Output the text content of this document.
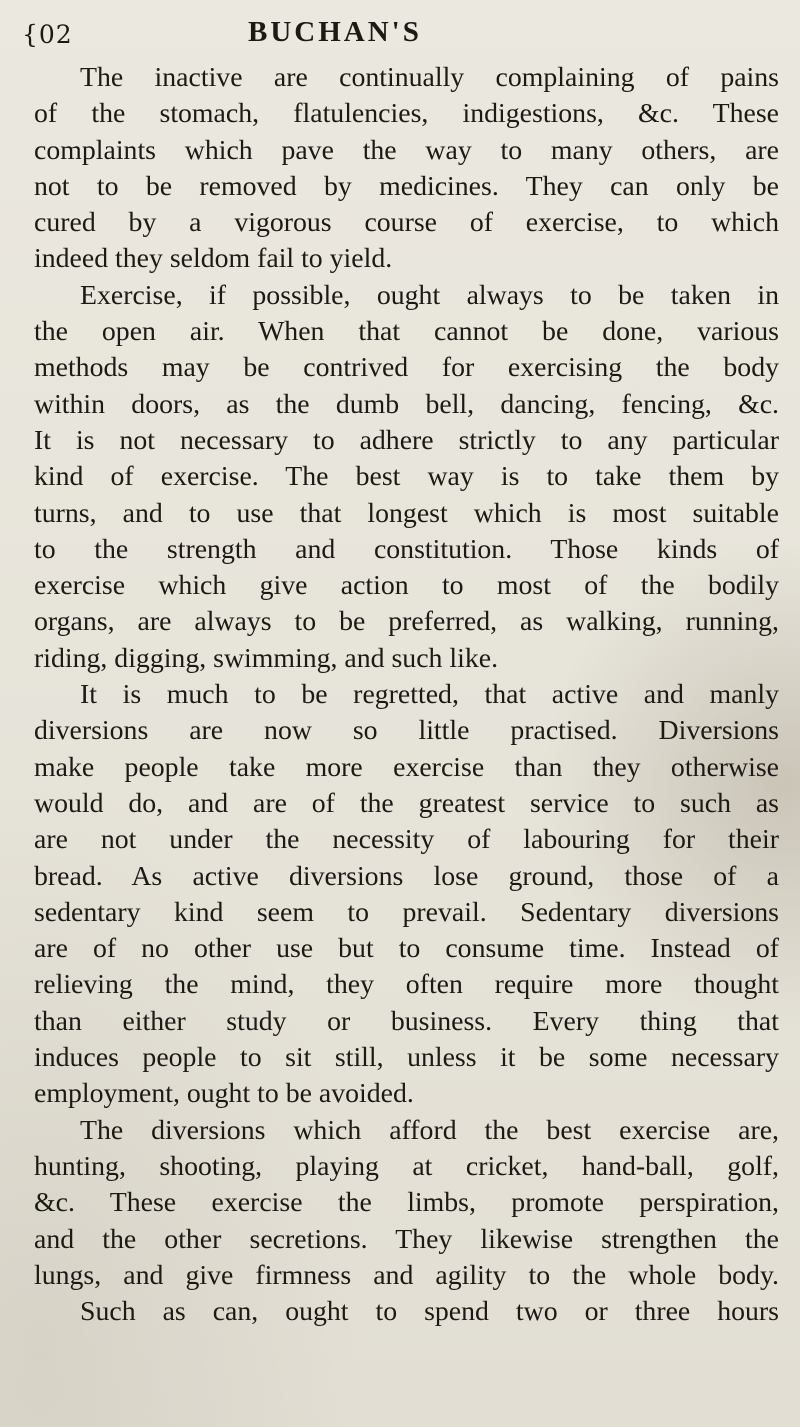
{02	BUCHAN'S
The inactive are continually complaining of pains
of the stomach, flatulencies, indigestions, &c. These
complaints which pave the way to many others, are
not to be removed by medicines. They can only be
cured by a vigorous course of exercise, to which
indeed they seldom fail to yield.
Exercise, if possible, ought always to be taken in
the open air. When that cannot be done, various
methods may be contrived for exercising the body
within doors, as the dumb bell, dancing, fencing, &c.
It is not necessary to adhere strictly to any particular
kind of exercise. The best way is to take them by
turns, and to use that longest which is most suitable
to the strength and constitution. Those kinds of
exercise which give action to most of the bodily
organs, are always to be preferred, as walking, running,
riding, digging, swimming, and such like.
It is much to be regretted, that active and manly
diversions are now so little practised. Diversions
make people take more exercise than they otherwise
would do, and are of the greatest service to such as
are not under the necessity of labouring for their
bread. As active diversions lose ground, those of a
sedentary kind seem to prevail. Sedentary diversions
are of no other use but to consume time. Instead of
relieving the mind, they often require more thought
than either study or business. Every thing that
induces people to sit still, unless it be some necessary
employment, ought to be avoided.
The diversions which afford the best exercise are,
hunting, shooting, playing at cricket, hand-ball, golf,
&c. These exercise the limbs, promote perspiration,
and the other secretions. They likewise strengthen the
lungs, and give firmness and agility to the whole body.
Such as can, ought to spend two or three hours
